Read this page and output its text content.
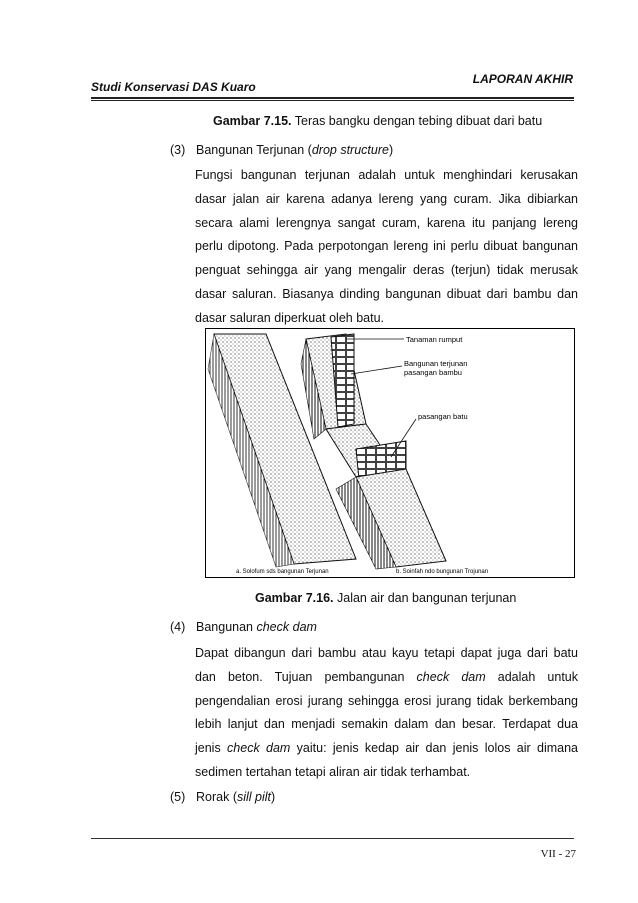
Studi Konservasi DAS Kuaro
LAPORAN AKHIR
Gambar 7.15. Teras bangku dengan tebing dibuat dari batu
(3) Bangunan Terjunan (drop structure)

Fungsi bangunan terjunan adalah untuk menghindari kerusakan dasar jalan air karena adanya lereng yang curam. Jika dibiarkan secara alami lerengnya sangat curam, karena itu panjang lereng perlu dipotong. Pada perpotongan lereng ini perlu dibuat bangunan penguat sehingga air yang mengalir deras (terjun) tidak merusak dasar saluran. Biasanya dinding bangunan dibuat dari bambu dan dasar saluran diperkuat oleh batu.

Tanaman rumput
Bangunan terjunan
pasangan bambu
pasangan batu
a. Solofum sds bangunan Terjunan	b. Soinfah ndo bungunan Trojunan
Gambar 7.16. Jalan air dan bangunan terjunan
(4) Bangunan check dam

Dapat dibangun dari bambu atau kayu tetapi dapat juga dari batu dan beton. Tujuan pembangunan check dam adalah untuk pengendalian erosi jurang sehingga erosi jurang tidak berkembang lebih lanjut dan menjadi semakin dalam dan besar. Terdapat dua jenis check dam yaitu: jenis kedap air dan jenis lolos air dimana sedimen tertahan tetapi aliran air tidak terhambat.

(5) Rorak (sill pilt)
VII - 27
